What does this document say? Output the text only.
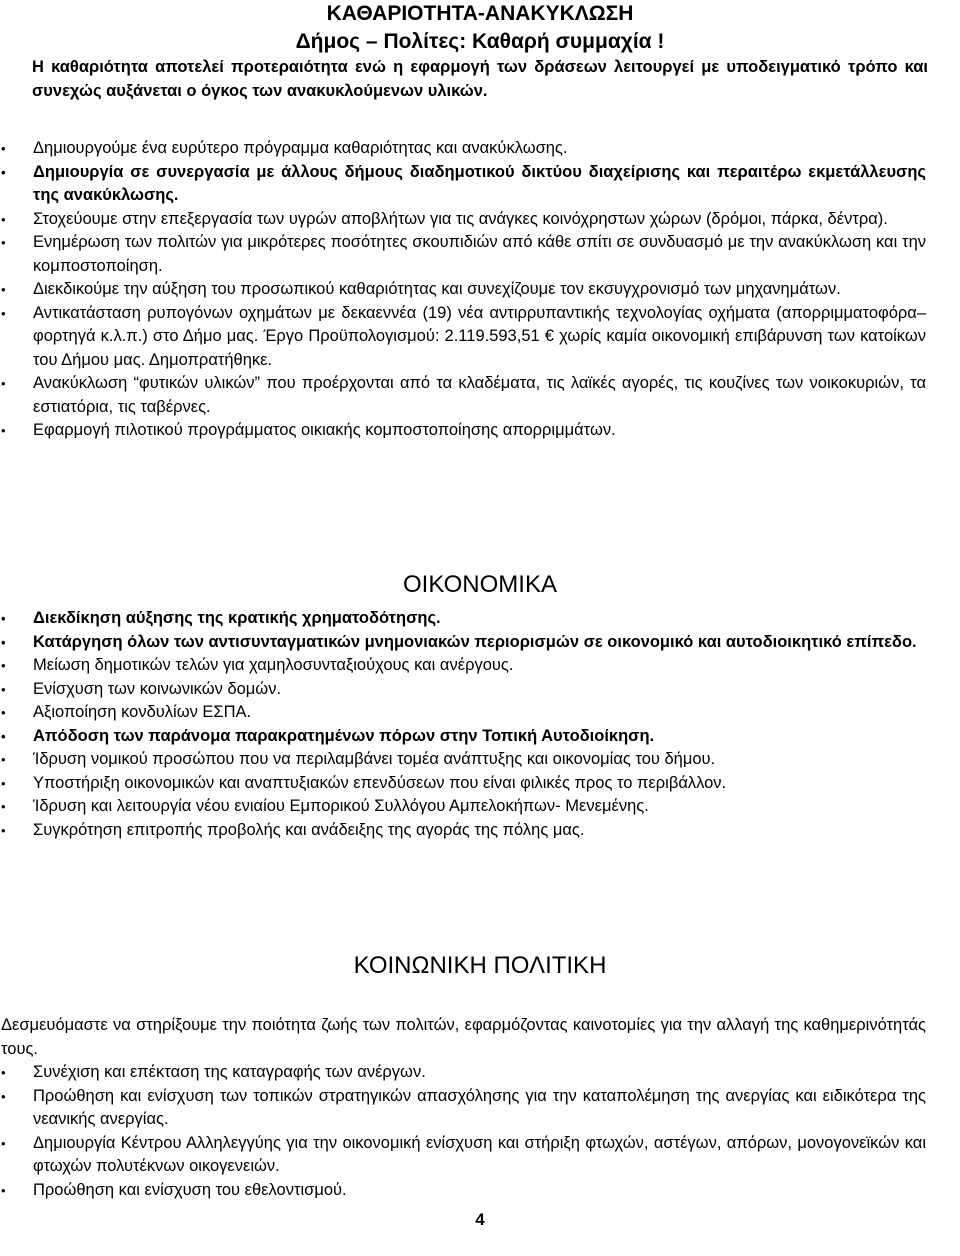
ΚΑΘΑΡΙΟΤΗΤΑ-ΑΝΑΚΥΚΛΩΣΗ
Δήμος – Πολίτες: Καθαρή συμμαχία !

Η καθαριότητα αποτελεί προτεραιότητα ενώ η εφαρμογή των δράσεων λειτουργεί με υποδειγματικό τρόπο και συνεχώς αυξάνεται ο όγκος των ανακυκλούμενων υλικών.

•	Δημιουργούμε ένα ευρύτερο πρόγραμμα καθαριότητας και ανακύκλωσης.
•	Δημιουργία σε συνεργασία με άλλους δήμους διαδημοτικού δικτύου διαχείρισης και περαιτέρω εκμετάλλευσης της ανακύκλωσης.
•	Στοχεύουμε στην επεξεργασία των υγρών αποβλήτων για τις ανάγκες κοινόχρηστων χώρων (δρόμοι, πάρκα, δέντρα).
•	Ενημέρωση των πολιτών για μικρότερες ποσότητες σκουπιδιών από κάθε σπίτι σε συνδυασμό με την ανακύκλωση και την κομποστοποίηση.
•	Διεκδικούμε την αύξηση του προσωπικού καθαριότητας και συνεχίζουμε τον εκσυγχρονισμό των μηχανημάτων.
•	Αντικατάσταση ρυπογόνων οχημάτων με δεκαεννέα (19) νέα αντιρρυπαντικής τεχνολογίας οχήματα (απορριμματοφόρα– φορτηγά κ.λ.π.) στο Δήμο μας. Έργο Προϋπολογισμού: 2.119.593,51 € χωρίς καμία οικονομική επιβάρυνση των κατοίκων του Δήμου μας. Δημοπρατήθηκε.
•	Ανακύκλωση “φυτικών υλικών” που προέρχονται από τα κλαδέματα, τις λαϊκές αγορές, τις κουζίνες των νοικοκυριών, τα εστιατόρια, τις ταβέρνες.
•	Εφαρμογή πιλοτικού προγράμματος οικιακής κομποστοποίησης απορριμμάτων.
ΟΙΚΟΝΟΜΙΚΑ
•	Διεκδίκηση αύξησης της κρατικής χρηματοδότησης.
•	Κατάργηση όλων των αντισυνταγματικών μνημονιακών περιορισμών σε οικονομικό και αυτοδιοικητικό επίπεδο.
•	Μείωση δημοτικών τελών για χαμηλοσυνταξιούχους και ανέργους.
•	Ενίσχυση των κοινωνικών δομών.
•	Αξιοποίηση κονδυλίων ΕΣΠΑ.
•	Απόδοση των παράνομα παρακρατημένων πόρων στην Τοπική Αυτοδιοίκηση.
•	Ίδρυση νομικού προσώπου που να περιλαμβάνει τομέα ανάπτυξης και οικονομίας του δήμου.
•	Υποστήριξη οικονομικών και αναπτυξιακών επενδύσεων που είναι φιλικές προς το περιβάλλον.
•	Ίδρυση και λειτουργία νέου ενιαίου Εμπορικού Συλλόγου Αμπελοκήπων- Μενεμένης.
•	Συγκρότηση επιτροπής προβολής και ανάδειξης της αγοράς της πόλης μας.
ΚΟΙΝΩΝΙΚΗ ΠΟΛΙΤΙΚΗ

Δεσμευόμαστε να στηρίξουμε την ποιότητα ζωής των πολιτών, εφαρμόζοντας καινοτομίες για την αλλαγή της καθημερινότητάς τους.

•	Συνέχιση και επέκταση της καταγραφής των ανέργων.
•	Προώθηση και ενίσχυση των τοπικών στρατηγικών απασχόλησης για την καταπολέμηση της ανεργίας και ειδικότερα της νεανικής ανεργίας.
•	Δημιουργία Κέντρου Αλληλεγγύης για την οικονομική ενίσχυση και στήριξη φτωχών, αστέγων, απόρων, μονογονεϊκών και φτωχών πολυτέκνων οικογενειών.
•	Προώθηση και ενίσχυση του εθελοντισμού.
4
